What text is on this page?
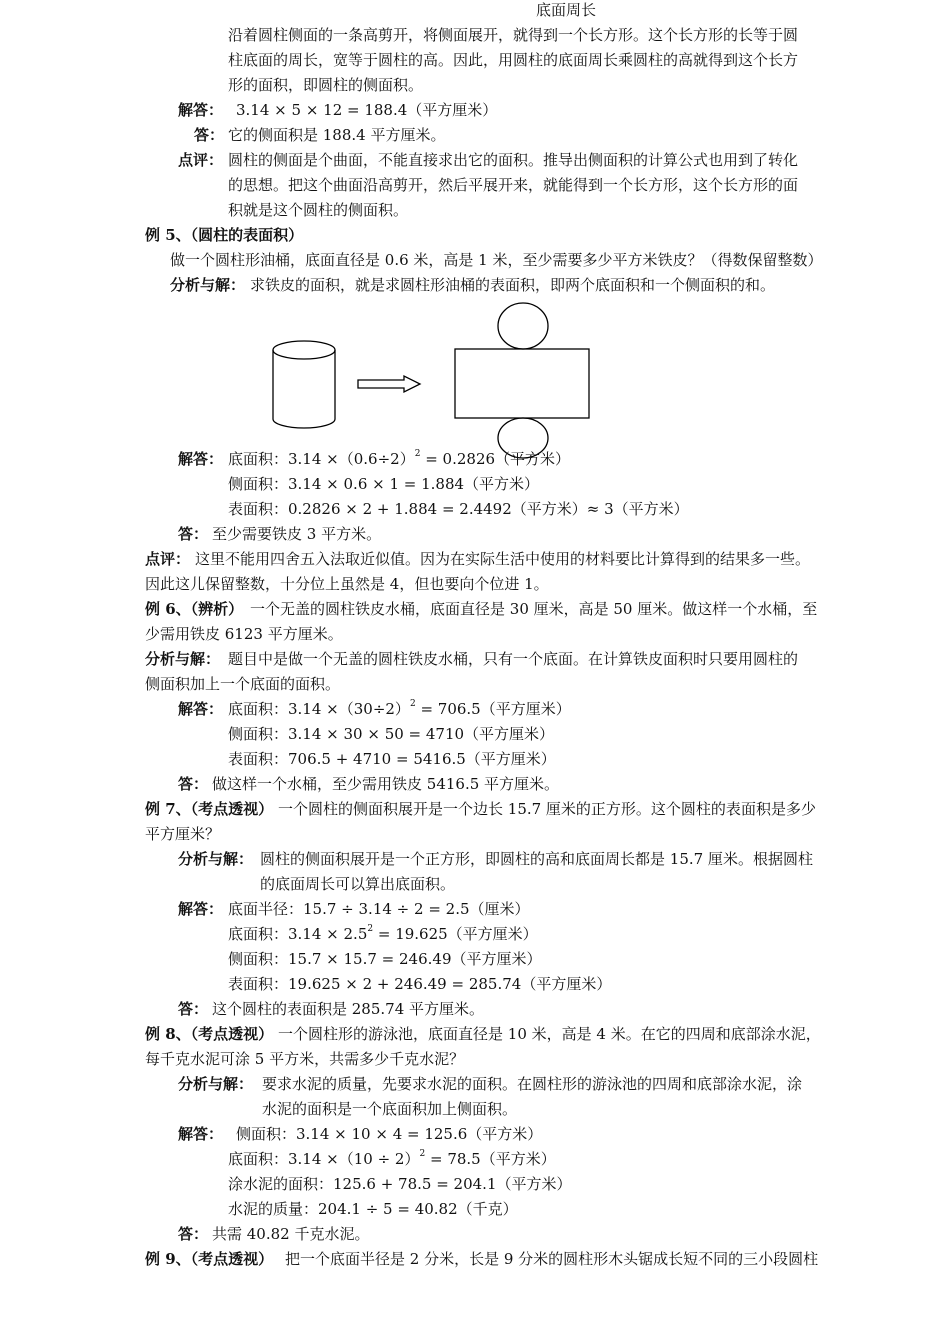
底面周长
沿着圆柱侧面的一条高剪开，将侧面展开，就得到一个长方形。这个长方形的长等于圆
柱底面的周长，宽等于圆柱的高。因此，用圆柱的底面周长乘圆柱的高就得到这个长方
形的面积，即圆柱的侧面积。
解答： 3.14 × 5 × 12 = 188.4（平方厘米）
答： 它的侧面积是 188.4 平方厘米。
点评： 圆柱的侧面是个曲面，不能直接求出它的面积。推导出侧面积的计算公式也用到了转化
的思想。把这个曲面沿高剪开，然后平展开来，就能得到一个长方形，这个长方形的面
积就是这个圆柱的侧面积。
例 5、（圆柱的表面积）
做一个圆柱形油桶，底面直径是 0.6 米，高是 1 米，至少需要多少平方米铁皮？（得数保留整数）
分析与解： 求铁皮的面积，就是求圆柱形油桶的表面积，即两个底面积和一个侧面积的和。
解答： 底面积：$3.14 \times(0.6\div 2)^2 = 0.2826$（平方米）
侧面积：3.14 × 0.6 × 1 = 1.884（平方米）
表面积：0.2826 × 2 + 1.884 = 2.4492（平方米）≈ 3（平方米）
答： 至少需要铁皮 3 平方米。
点评： 这里不能用四舍五入法取近似值。因为在实际生活中使用的材料要比计算得到的结果多一些。
因此这儿保留整数，十分位上虽然是 4，但也要向个位进 1。
例 6、（辨析） 一个无盖的圆柱铁皮水桶，底面直径是 30 厘米，高是 50 厘米。做这样一个水桶，至
少需用铁皮 6123 平方厘米。
分析与解： 题目中是做一个无盖的圆柱铁皮水桶，只有一个底面。在计算铁皮面积时只要用圆柱的
侧面积加上一个底面的面积。
解答： 底面积：$3.14 \times(30\div 2)^2 = 706.5$（平方厘米）
侧面积：3.14 × 30 × 50 = 4710（平方厘米）
表面积：706.5 + 4710 = 5416.5（平方厘米）
答： 做这样一个水桶，至少需用铁皮 5416.5 平方厘米。
例 7、（考点透视） 一个圆柱的侧面积展开是一个边长 15.7 厘米的正方形。这个圆柱的表面积是多少
平方厘米？
分析与解： 圆柱的侧面积展开是一个正方形，即圆柱的高和底面周长都是 15.7 厘米。根据圆柱
的底面周长可以算出底面积。
解答： 底面半径：15.7 ÷ 3.14 ÷ 2 = 2.5（厘米）
底面积：$3.14 \times 2.5^2 = 19.625$（平方厘米）
侧面积：15.7 × 15.7 = 246.49（平方厘米）
表面积：19.625 × 2 + 246.49 = 285.74（平方厘米）
答： 这个圆柱的表面积是 285.74 平方厘米。
例 8、（考点透视） 一个圆柱形的游泳池，底面直径是 10 米，高是 4 米。在它的四周和底部涂水泥，
每千克水泥可涂 5 平方米，共需多少千克水泥？
分析与解： 要求水泥的质量，先要求水泥的面积。在圆柱形的游泳池的四周和底部涂水泥，涂
水泥的面积是一个底面积加上侧面积。
解答： 侧面积：3.14 × 10 × 4 = 125.6（平方米）
底面积：$3.14 \times(10 \div 2)^2 = 78.5$（平方米）
涂水泥的面积：125.6 + 78.5 = 204.1（平方米）
水泥的质量：204.1 ÷ 5 = 40.82（千克）
答： 共需 40.82 千克水泥。
例 9、（考点透视） 把一个底面半径是 2 分米，长是 9 分米的圆柱形木头锯成长短不同的三小段圆柱
